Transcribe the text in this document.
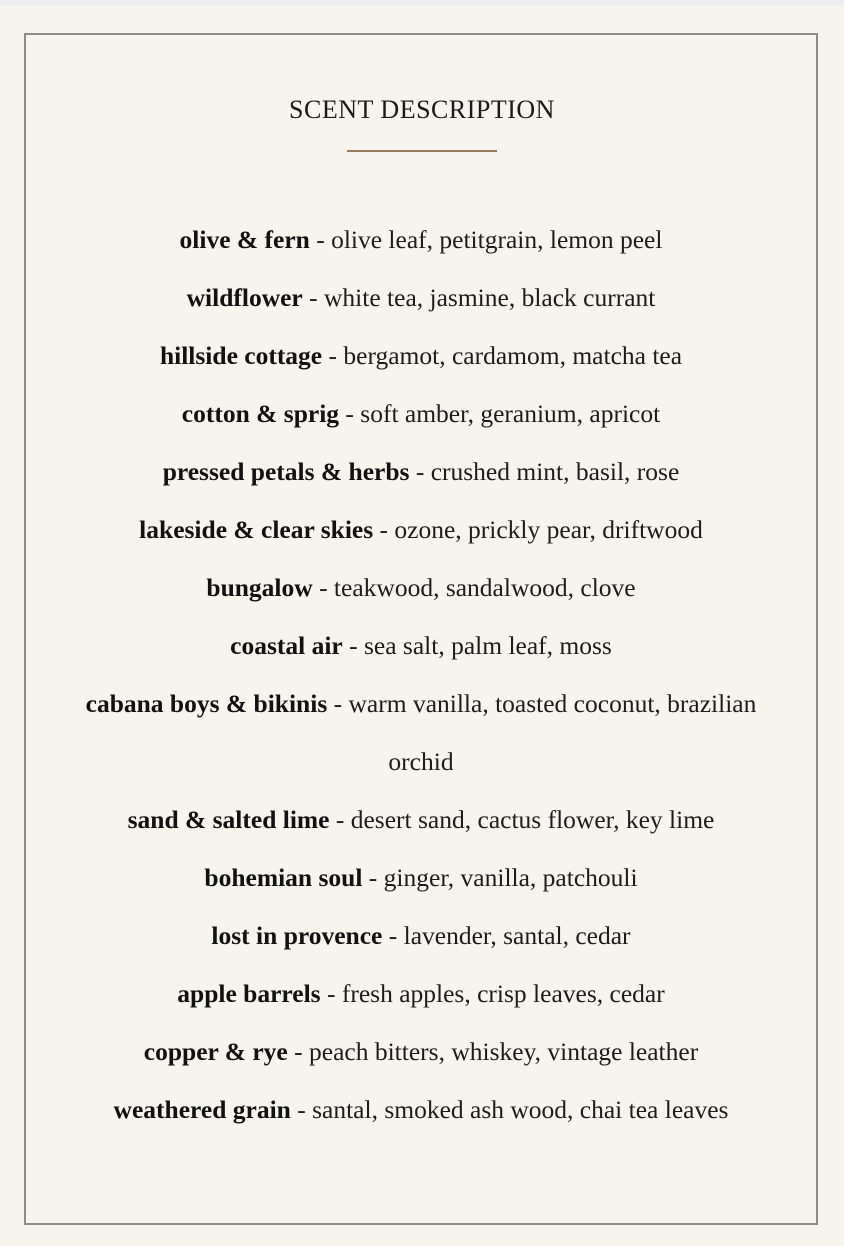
SCENT DESCRIPTION
olive & fern - olive leaf, petitgrain, lemon peel
wildflower - white tea, jasmine, black currant
hillside cottage - bergamot, cardamom, matcha tea
cotton & sprig - soft amber, geranium, apricot
pressed petals & herbs - crushed mint, basil, rose
lakeside & clear skies - ozone, prickly pear, driftwood
bungalow - teakwood, sandalwood, clove
coastal air - sea salt, palm leaf, moss
cabana boys & bikinis - warm vanilla, toasted coconut, brazilian orchid
sand & salted lime - desert sand, cactus flower, key lime
bohemian soul - ginger, vanilla, patchouli
lost in provence - lavender, santal, cedar
apple barrels - fresh apples, crisp leaves, cedar
copper & rye - peach bitters, whiskey, vintage leather
weathered grain - santal, smoked ash wood, chai tea leaves
